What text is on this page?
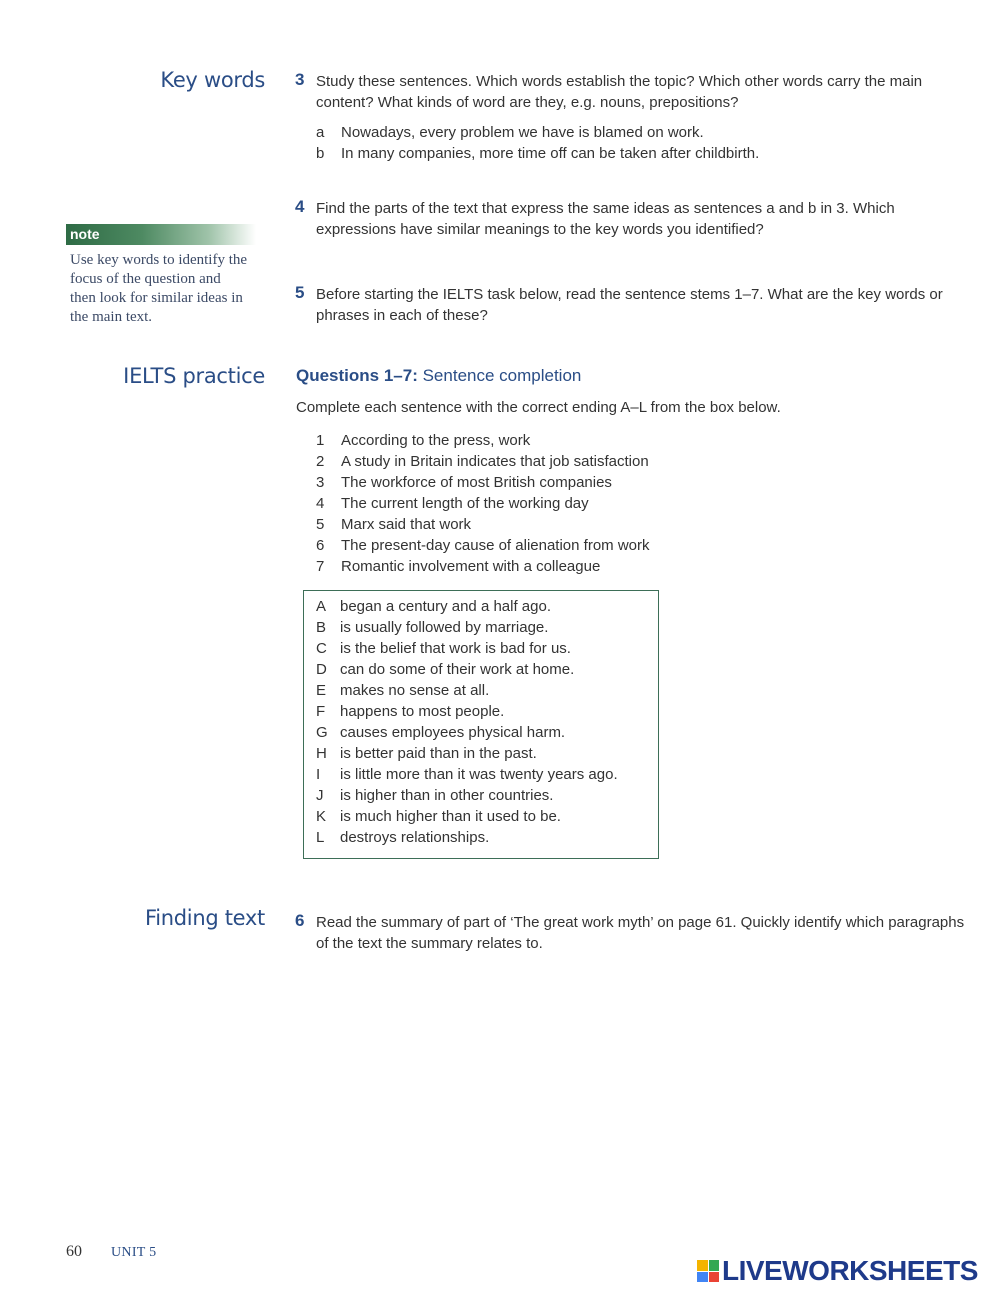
Key words
IELTS practice
Finding text
note
Use key words to identify the focus of the question and then look for similar ideas in the main text.
3 Study these sentences. Which words establish the topic? Which other words carry the main content? What kinds of word are they, e.g. nouns, prepositions?
a	Nowadays, every problem we have is blamed on work.
b	In many companies, more time off can be taken after childbirth.
4 Find the parts of the text that express the same ideas as sentences a and b in 3. Which expressions have similar meanings to the key words you identified?
5 Before starting the IELTS task below, read the sentence stems 1–7. What are the key words or phrases in each of these?
Questions 1–7: Sentence completion
Complete each sentence with the correct ending A–L from the box below.
1	According to the press, work
2	A study in Britain indicates that job satisfaction
3	The workforce of most British companies
4	The current length of the working day
5	Marx said that work
6	The present-day cause of alienation from work
7	Romantic involvement with a colleague
A began a century and a half ago.
B is usually followed by marriage.
C is the belief that work is bad for us.
D can do some of their work at home.
E makes no sense at all.
F happens to most people.
G causes employees physical harm.
H is better paid than in the past.
I	is little more than it was twenty years ago.
J	is higher than in other countries.
K is much higher than it used to be.
L	destroys relationships.
6 Read the summary of part of ‘The great work myth’ on page 61. Quickly identify which paragraphs of the text the summary relates to.
60 UNIT 5
LIVEWORKSHEETS
